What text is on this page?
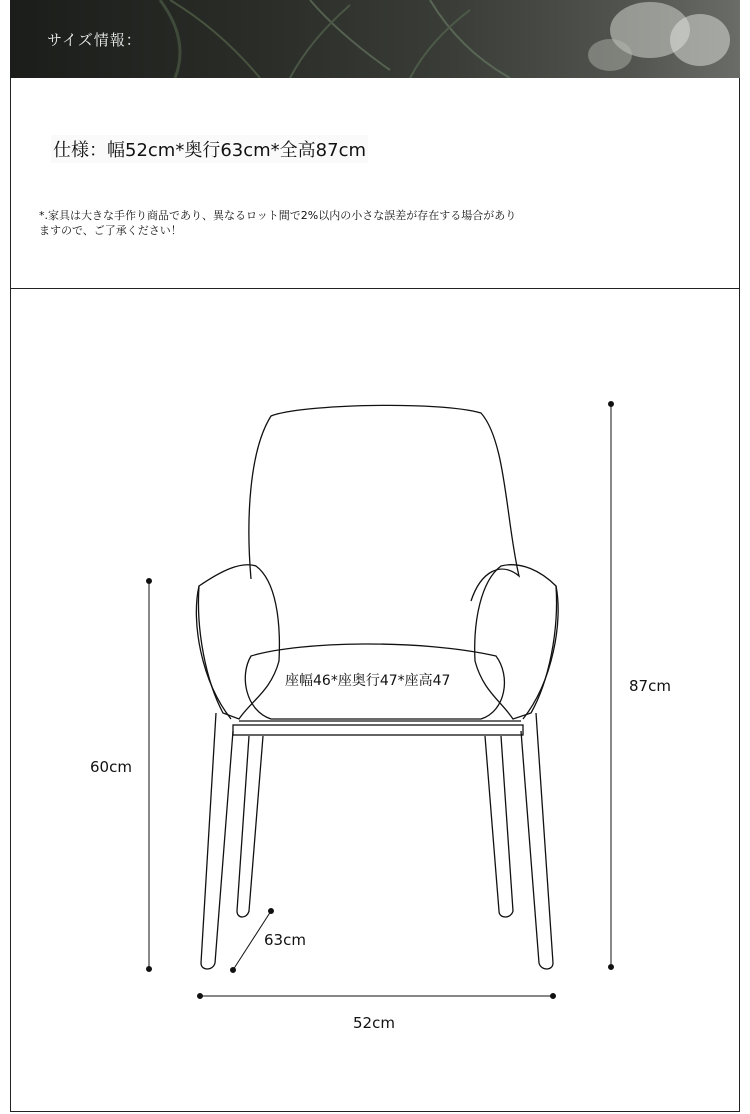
サイズ情報：
仕様：幅52cm*奥行63cm*全高87cm
*.家具は大きな手作り商品であり、異なるロット間で2%以内の小さな誤差が存在する場合がありますので、ご了承ください！
座幅46*座奥行47*座高47	87cm
60cm
63cm
52cm
